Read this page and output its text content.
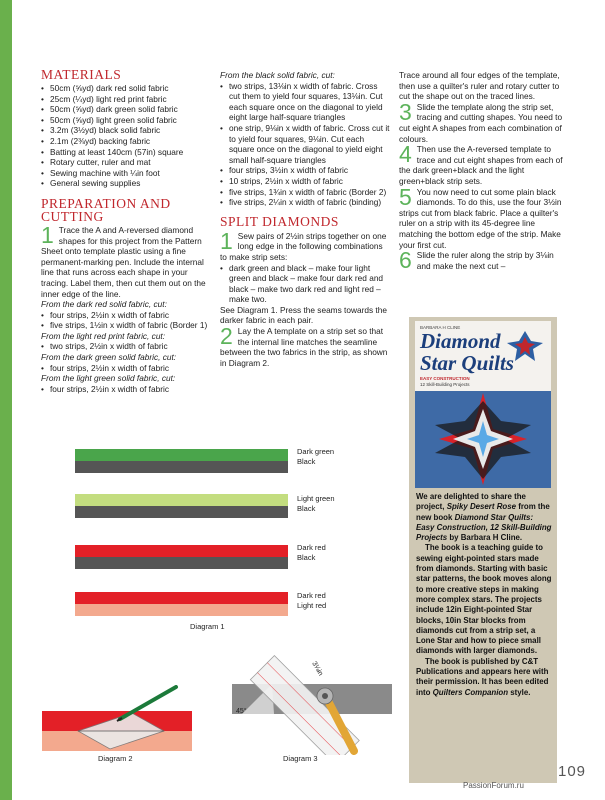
MATERIALS
• 50cm (⅝yd) dark red solid fabric
• 25cm (¼yd) light red print fabric
• 50cm (⅝yd) dark green solid fabric
• 50cm (⅝yd) light green solid fabric
• 3.2m (3½yd) black solid fabric
• 2.1m (2⅜yd) backing fabric
• Batting at least 140cm (57in) square
• Rotary cutter, ruler and mat
• Sewing machine with ¼in foot
• General sewing supplies
PREPARATION AND
CUTTING
1 Trace the A and A-reversed diamond shapes for this project from the Pattern Sheet onto template plastic using a fine permanent-marking pen. Include the internal line that runs across each shape in your tracing. Label them, then cut them out on the inner edge of the line.

From the dark red solid fabric, cut:

• four strips, 2½in x width of fabric
• five strips, 1½in x width of fabric (Border 1)

From the light red print fabric, cut:

• two strips, 2½in x width of fabric

From the dark green solid fabric, cut:

• four strips, 2½in x width of fabric

From the light green solid fabric, cut:

• four strips, 2½in x width of fabric

From the black solid fabric, cut:

• two strips, 13⅛in x width of fabric. Cross cut them to yield four squares, 13⅛in. Cut each square once on the diagonal to yield eight large half-square triangles
• one strip, 9⅛in x width of fabric. Cross cut it to yield four squares, 9⅛in. Cut each square once on the diagonal to yield eight small half-square triangles
• four strips, 3½in x width of fabric
• 10 strips, 2½in x width of fabric
• five strips, 1¾in x width of fabric (Border 2)
• five strips, 2¼in x width of fabric (binding)
SPLIT DIAMONDS
1 Sew pairs of 2½in strips together on one long edge in the following combinations to make strip sets:

• dark green and black – make four light green and black – make four dark red and black – make two dark red and light red – make two.

See Diagram 1. Press the seams towards the darker fabric in each pair.

2 Lay the A template on a strip set so that the internal line matches the seamline between the two fabrics in the strip, as shown in Diagram 2.

Trace around all four edges of the template, then use a quilter's ruler and rotary cutter to cut the shape out on the traced lines.

3 Slide the template along the strip set, tracing and cutting shapes. You need to cut eight A shapes from each combination of colours.

4 Then use the A-reversed template to trace and cut eight shapes from each of the dark green+black and the light green+black strip sets.

5 You now need to cut some plain black diamonds. To do this, use the four 3½in strips cut from black fabric. Place a quilter's ruler on a strip with its 45-degree line matching the bottom edge of the strip. Make your first cut.

6 Slide the ruler along the strip by 3⅛in and make the next cut –

BARBARA H CLINE
Diamond
Star Quilts
EASY CONSTRUCTION
12 Skill-Building Projects

We are delighted to share the project, Spiky Desert Rose from the new book Diamond Star Quilts: Easy Construction, 12 Skill-Building Projects by Barbara H Cline.

The book is a teaching guide to sewing eight-pointed stars made from diamonds. Starting with basic star patterns, the book moves along to more creative steps in making more complex stars. The projects include 12in Eight-pointed Star blocks, 10in Star blocks from diamonds cut from a strip set, a Lone Star and how to piece small diamonds with larger diamonds.

The book is published by C&T Publications and appears here with their permission. It has been edited into Quilters Companion style.

Dark green
Black
Light green
Black
Dark red
Black
Dark red
Light red
Diagram 1
Diagram 2
3⅛in
45°
Diagram 3
109
PassionForum.ru
